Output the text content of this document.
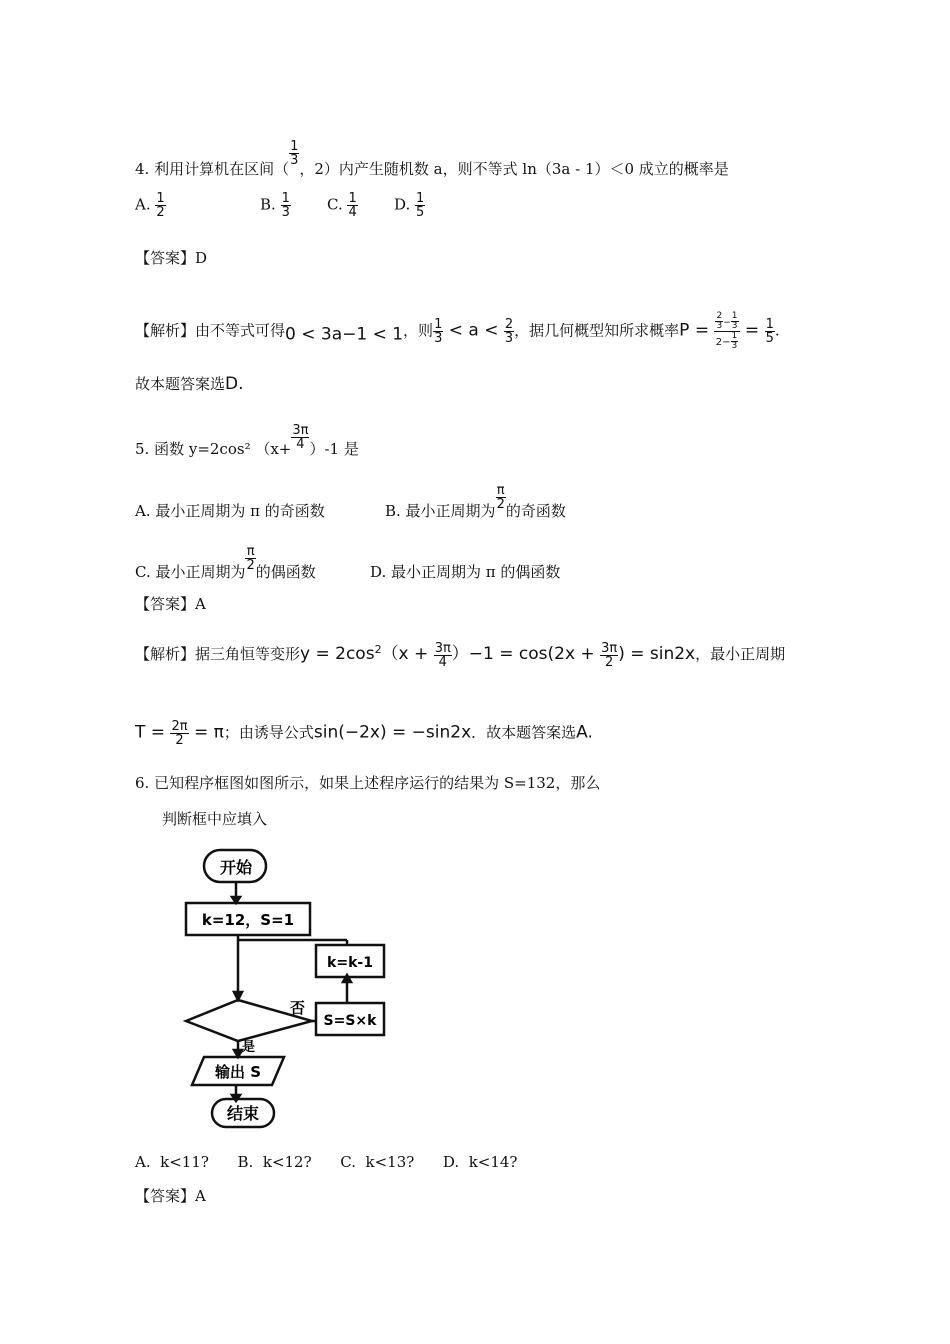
4. 利用计算机在区间（
$\frac{1}{3}$
，2）内产生随机数 a，则不等式 ln（3a - 1）＜0 成立的概率是
A. $\frac{1}{2}$	B. $\frac{1}{3} C$. $\frac{1}{4} D$. $\frac{1}{5}$
【答案】D
【解析】由不等式可得0 < 3a−1 < 1，则 $\frac{1}{3} < a < \frac{2}{3}$ ，据几何概型知所求概率$P = \frac{\frac{2}{3} - \frac{1}{3}}{2- \frac{1}{3}} = \frac{1}{5}$ .
故本题答案选D.
5. 函数 y=2cos² $(x+ \frac{3\pi}{4} )-1$ 是
A. 最小正周期为 π 的奇函数	B. 最小正周期为 $\frac{\pi}{2}$ 的奇函数
C. 最小正周期为 $\frac{\pi}{2}$ 的偶函数	D. 最小正周期为 π 的偶函数
【答案】A
【解析】据三角恒等变形$y = 2\cos^2(x + \frac{3\pi}{4} )-1 = \cos(2x + \frac{3\pi}{2}$ ) = sin2x，最小正周期
$T = \frac{2\pi}{2} = \pi$；由诱导公式sin(−2x) = −sin2x．故本题答案选A.
6. 已知程序框图如图所示，如果上述程序运行的结果为 S=132，那么
判断框中应填入
开始
k=12，S=1
k=k-1
S=S×k
否
是
输出 S
结束
A.  k<11?      B.  k<12?      C.  k<13?      D.  k<14?
【答案】A
